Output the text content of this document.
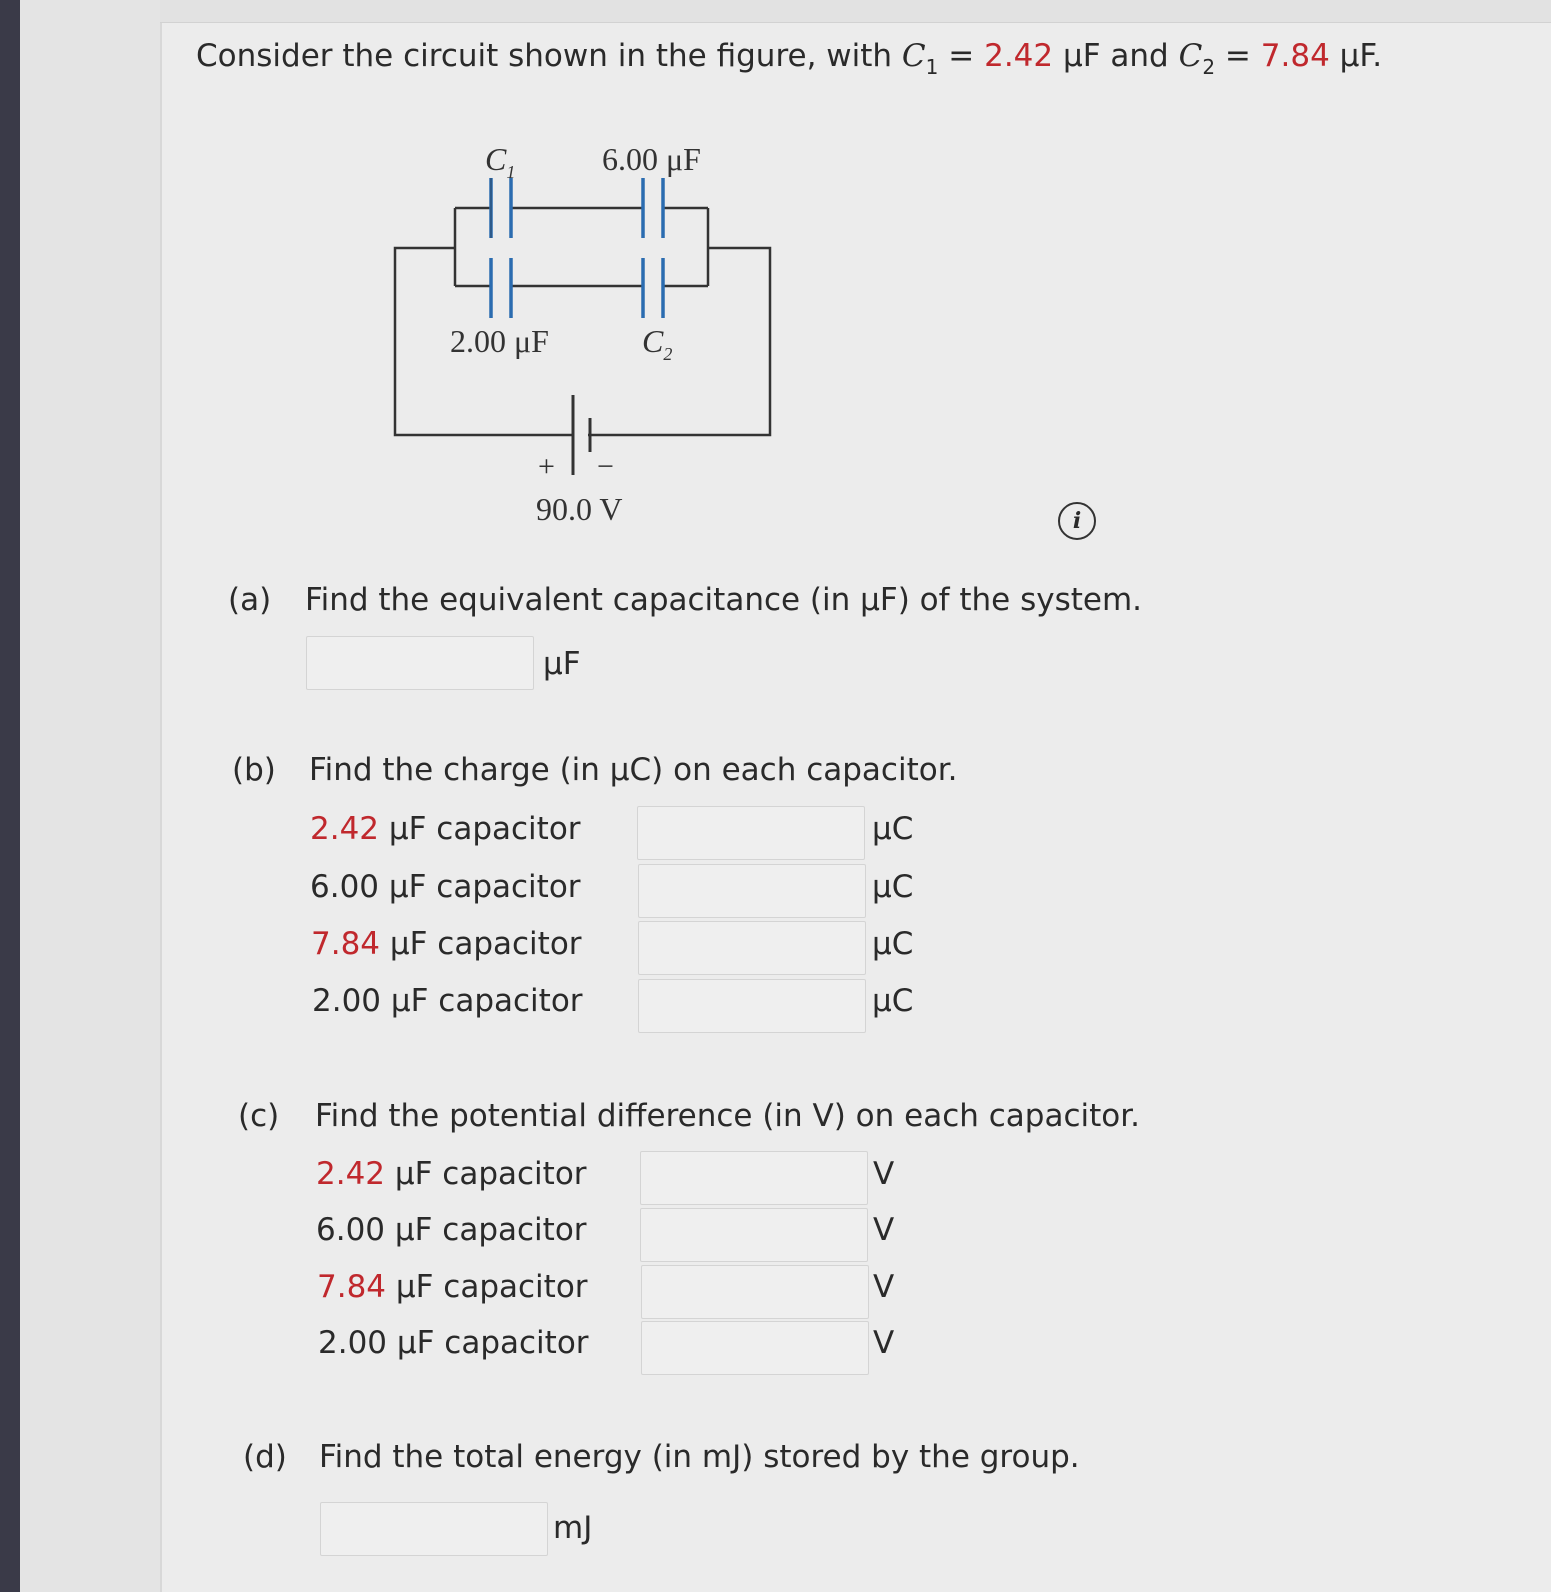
Consider the circuit shown in the figure, with $C_1 = 2.42$ μF and $C_2 = 7.84$ μF.
$C_1$	6.00 μF
2.00 μF	$C_2$
+ −
90.0 V	i
(a) Find the equivalent capacitance (in μF) of the system.
μF
(b) Find the charge (in μC) on each capacitor.
2.42 μF capacitor	μC
6.00 μF capacitor	μC
7.84 μF capacitor	μC
2.00 μF capacitor	μC
(c) Find the potential difference (in V) on each capacitor.
2.42 μF capacitor	V
6.00 μF capacitor	V
7.84 μF capacitor	V
2.00 μF capacitor	V
(d) Find the total energy (in mJ) stored by the group.
mJ
